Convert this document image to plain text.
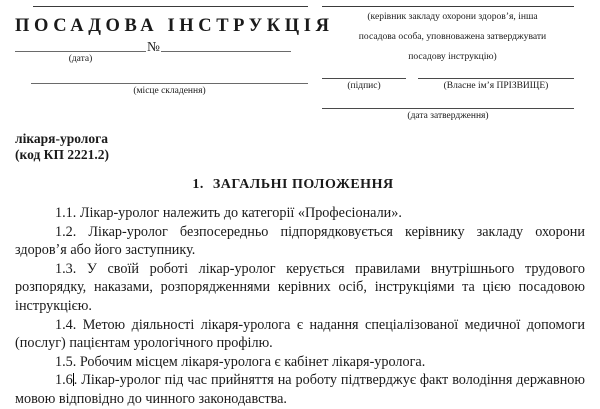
ПОСАДОВА ІНСТРУКЦІЯ
№
(дата)
(місце складення)
(керівник закладу охорони здоровʼя, інша
посадова особа, уповноважена затверджувати
посадову інструкцію)
(підпис)	(Власне імʼя ПРІЗВИЩЕ)
(дата затвердження)
лікаря-уролога
(код КП 2221.2)
1. ЗАГАЛЬНІ ПОЛОЖЕННЯ

1.1. Лікар-уролог належить до категорії «Професіонали».

1.2. Лікар-уролог безпосередньо підпорядковується керівнику закладу охорони здоровʼя або його заступнику.

1.3. У своїй роботі лікар-уролог керується правилами внутрішнього трудового розпорядку, наказами, розпорядженнями керівних осіб, інструкціями та цією посадовою інструкцією.

1.4. Метою діяльності лікаря-уролога є надання спеціалізованої медичної допомоги (послуг) пацієнтам урологічного профілю.

1.5. Робочим місцем лікаря-уролога є кабінет лікаря-уролога.

1.6. Лікар-уролог під час прийняття на роботу підтверджує факт володіння державною мовою відповідно до чинного законодавства.
